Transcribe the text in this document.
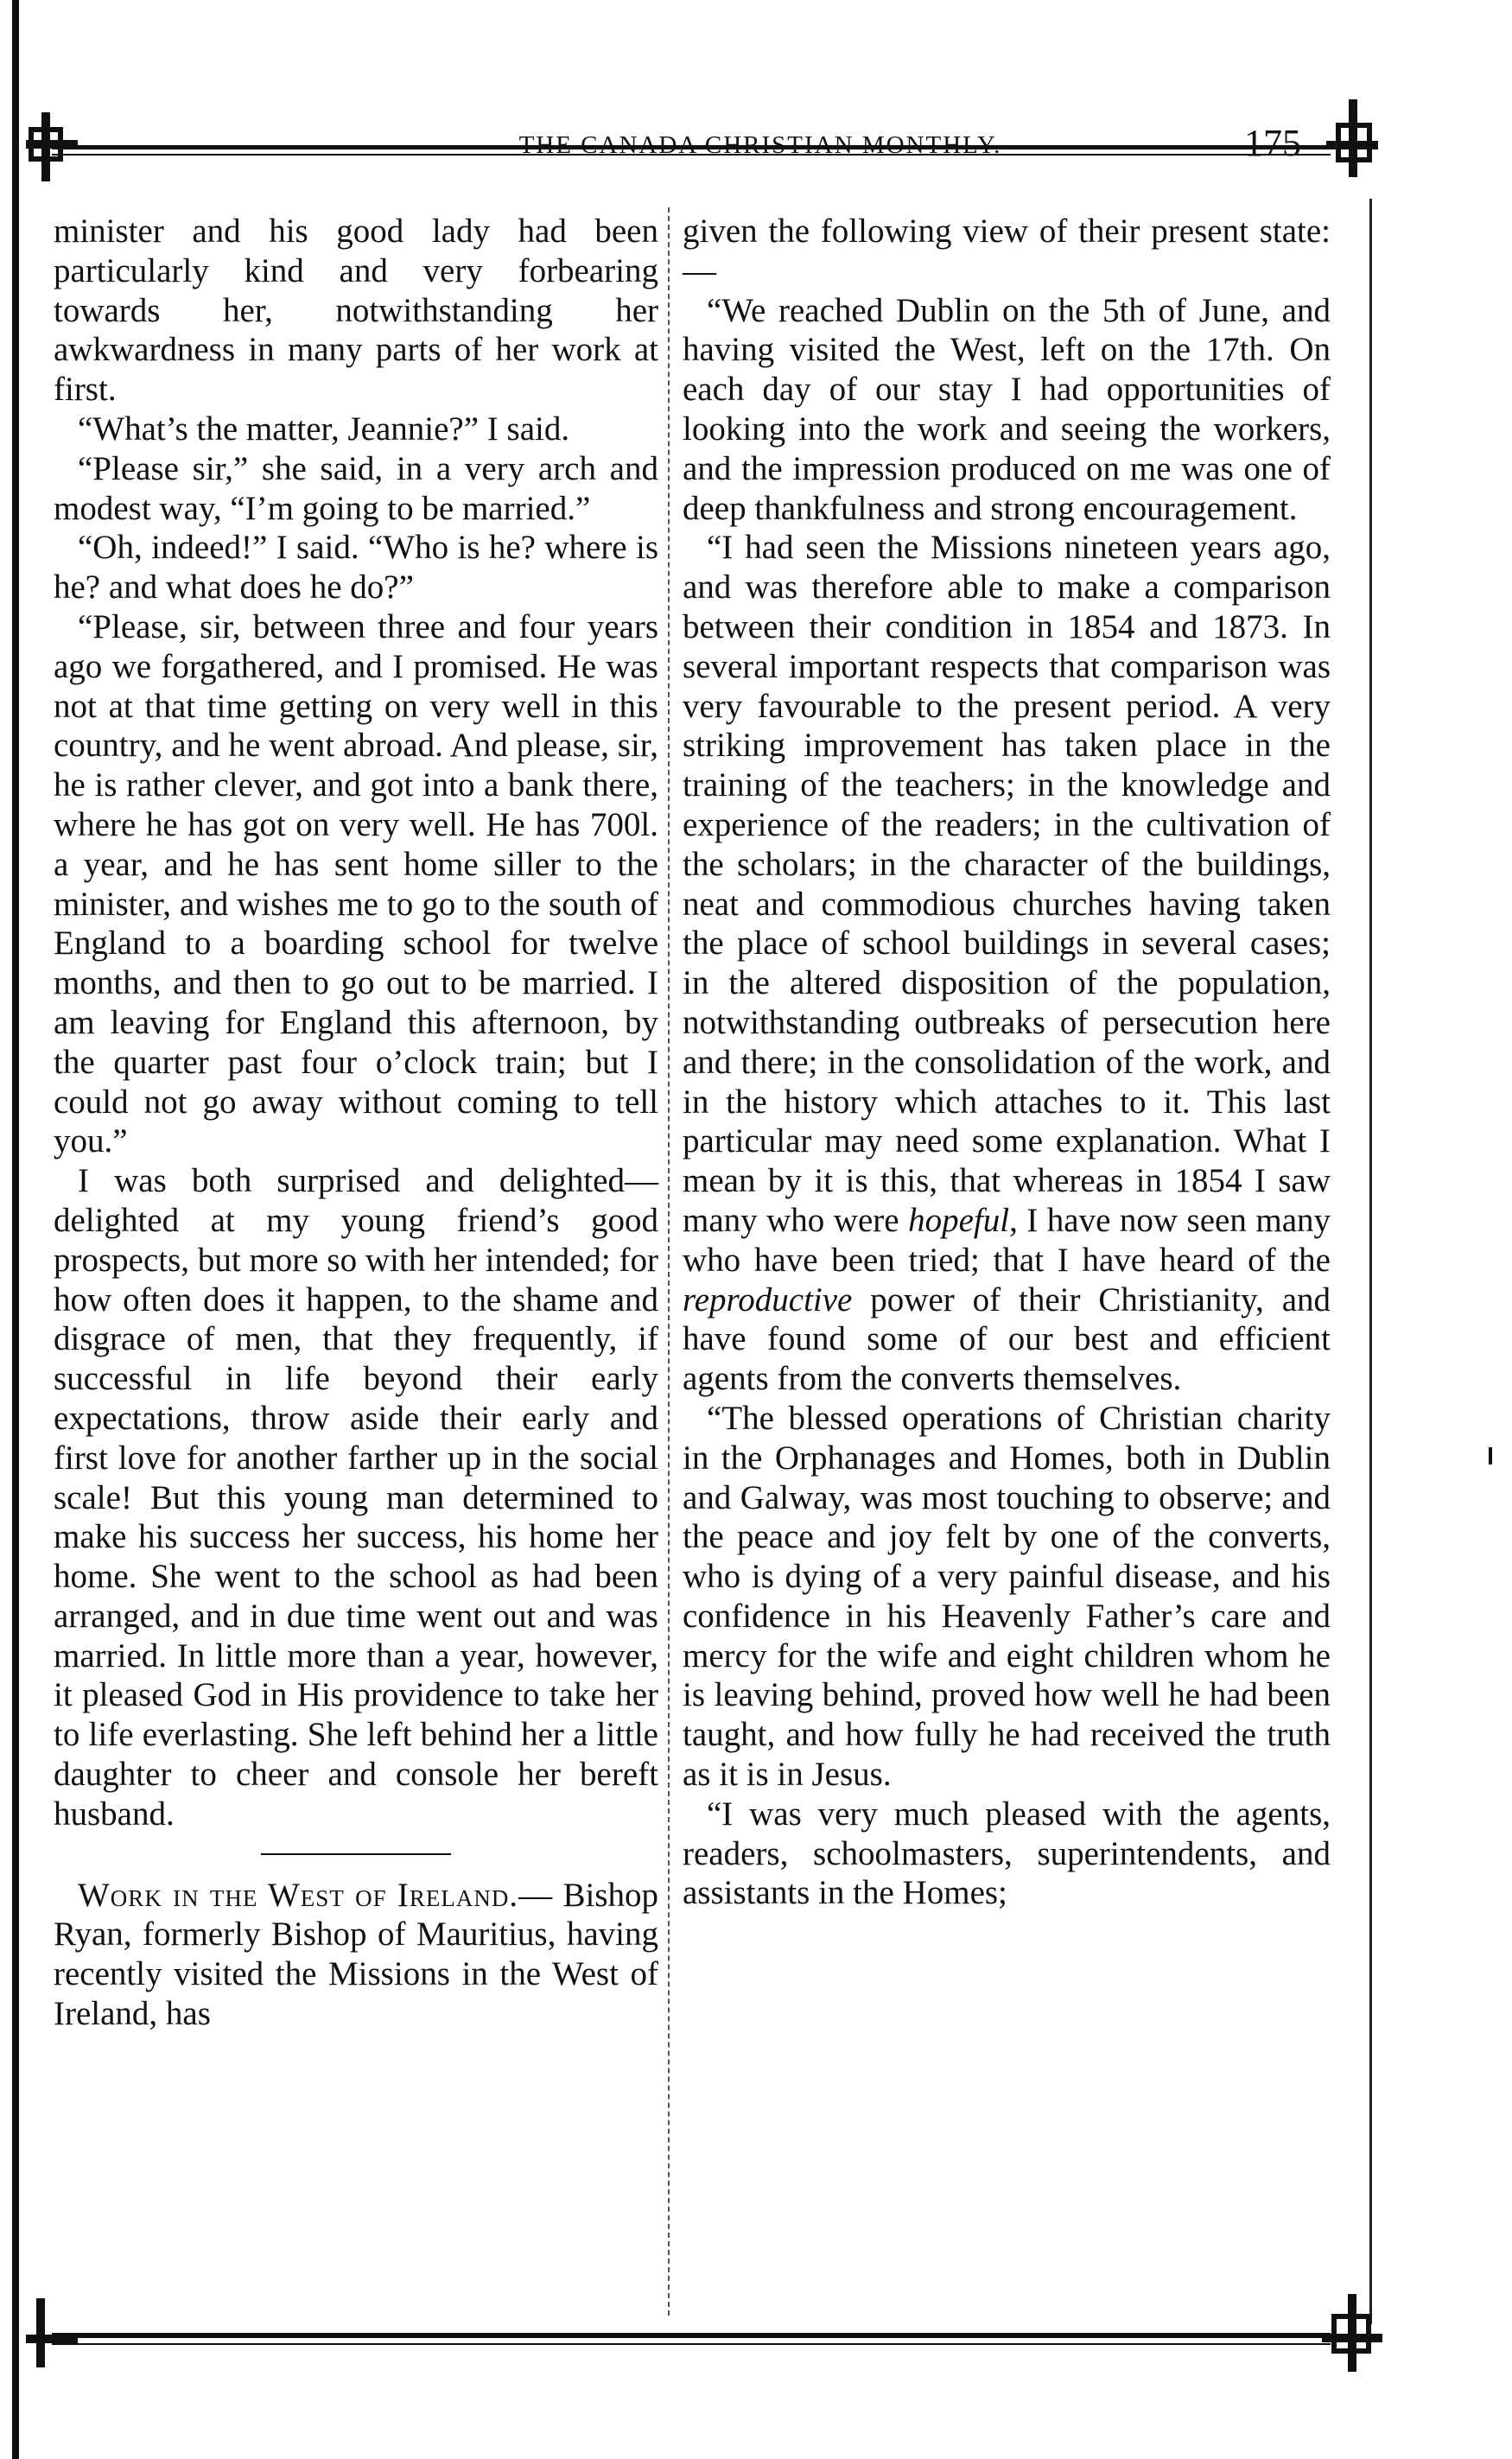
THE CANADA CHRISTIAN MONTHLY.	175

minister and his good lady had been particularly kind and very forbearing towards her, notwithstanding her awkwardness in many parts of her work at first.

“What’s the matter, Jeannie?” I said.

“Please sir,” she said, in a very arch and modest way, “I’m going to be married.”

“Oh, indeed!” I said. “Who is he? where is he? and what does he do?”

“Please, sir, between three and four years ago we forgathered, and I promised. He was not at that time getting on very well in this country, and he went abroad. And please, sir, he is rather clever, and got into a bank there, where he has got on very well. He has 700l. a year, and he has sent home siller to the minister, and wishes me to go to the south of England to a boarding school for twelve months, and then to go out to be married. I am leaving for England this afternoon, by the quarter past four o’clock train; but I could not go away without coming to tell you.”

I was both surprised and delighted—delighted at my young friend’s good prospects, but more so with her intended; for how often does it happen, to the shame and disgrace of men, that they frequently, if successful in life beyond their early expectations, throw aside their early and first love for another farther up in the social scale! But this young man determined to make his success her success, his home her home. She went to the school as had been arranged, and in due time went out and was married. In little more than a year, however, it pleased God in His providence to take her to life everlasting. She left behind her a little daughter to cheer and console her bereft husband.

Work in the West of Ireland.— Bishop Ryan, formerly Bishop of Mauritius, having recently visited the Missions in the West of Ireland, has

given the following view of their present state:—

“We reached Dublin on the 5th of June, and having visited the West, left on the 17th. On each day of our stay I had opportunities of looking into the work and seeing the workers, and the impression produced on me was one of deep thankfulness and strong encouragement.

“I had seen the Missions nineteen years ago, and was therefore able to make a comparison between their condition in 1854 and 1873. In several important respects that comparison was very favourable to the present period. A very striking improvement has taken place in the training of the teachers; in the knowledge and experience of the readers; in the cultivation of the scholars; in the character of the buildings, neat and commodious churches having taken the place of school buildings in several cases; in the altered disposition of the population, notwithstanding outbreaks of persecution here and there; in the consolidation of the work, and in the history which attaches to it. This last particular may need some explanation. What I mean by it is this, that whereas in 1854 I saw many who were hopeful, I have now seen many who have been tried; that I have heard of the reproductive power of their Christianity, and have found some of our best and efficient agents from the converts themselves.

“The blessed operations of Christian charity in the Orphanages and Homes, both in Dublin and Galway, was most touching to observe; and the peace and joy felt by one of the converts, who is dying of a very painful disease, and his confidence in his Heavenly Father’s care and mercy for the wife and eight children whom he is leaving behind, proved how well he had been taught, and how fully he had received the truth as it is in Jesus.

“I was very much pleased with the agents, readers, schoolmasters, superintendents, and assistants in the Homes;
